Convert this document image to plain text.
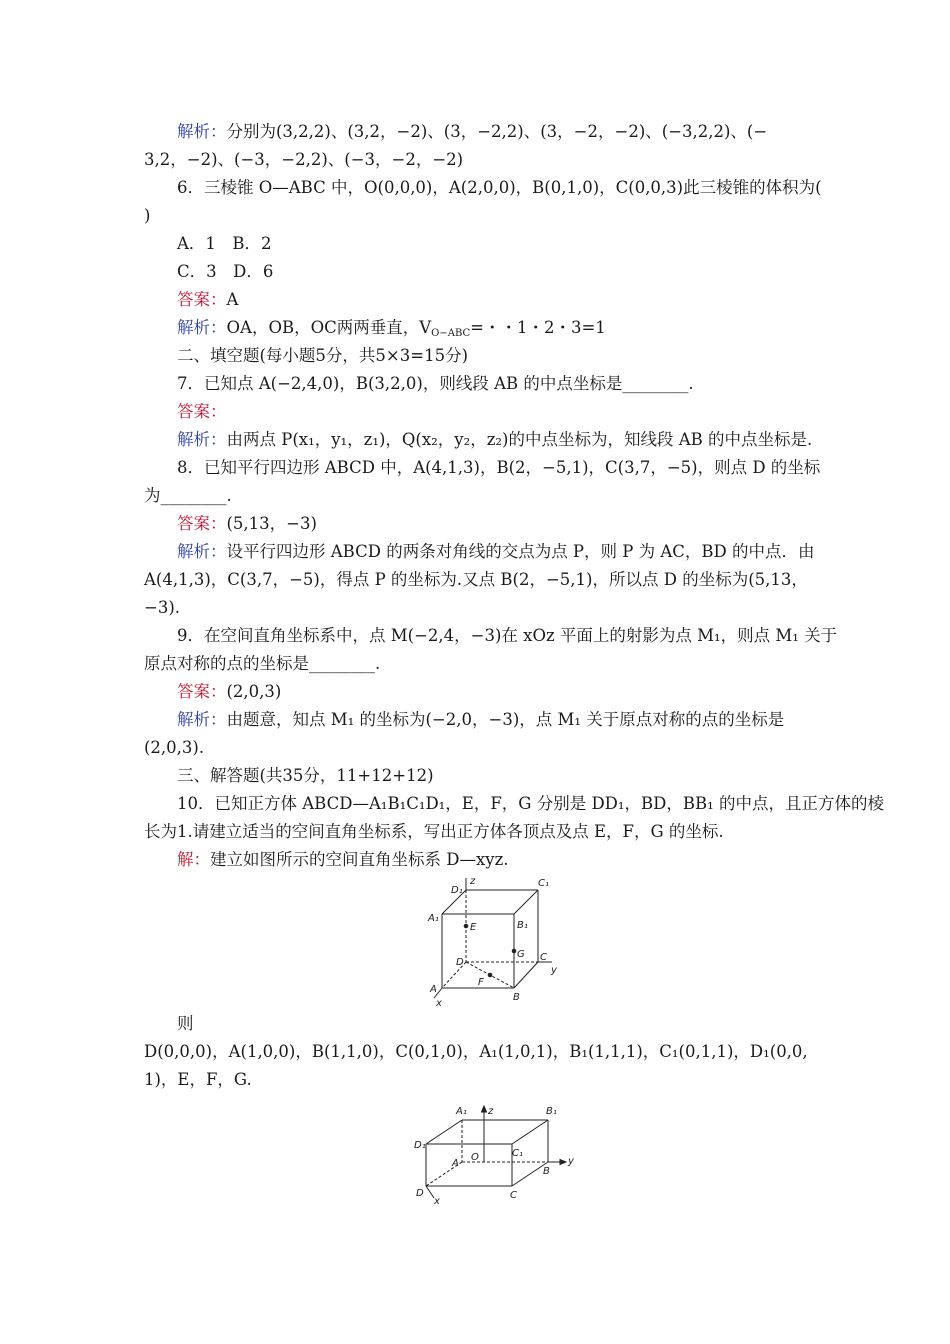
解析：分别为(3,2,2)、(3,2，−2)、(3，−2,2)、(3，−2，−2)、(−3,2,2)、(−
3,2，−2)、(−3，−2,2)、(−3，−2，−2)
6．三棱锥 O—ABC 中，O(0,0,0)，A(2,0,0)，B(0,1,0)，C(0,0,3)此三棱锥的体积为(
)
A．1　B．2
C．3　D．6
答案：A
解析：OA，OB，OC两两垂直，$V_{O-ABC}=$・・1・2・3=1
二、填空题(每小题5分，共5×3=15分)
7．已知点 A(−2,4,0)，B(3,2,0)，则线段 AB 的中点坐标是________.
答案：
解析：由两点 P(x₁，y₁，z₁)，Q(x₂，y₂，z₂)的中点坐标为，知线段 AB 的中点坐标是.
8．已知平行四边形 ABCD 中，A(4,1,3)，B(2，−5,1)，C(3,7，−5)，则点 D 的坐标
为________.
答案：(5,13，−3)
解析：设平行四边形 ABCD 的两条对角线的交点为点 P，则 P 为 AC，BD 的中点．由
A(4,1,3)，C(3,7，−5)，得点 P 的坐标为.又点 B(2，−5,1)，所以点 D 的坐标为(5,13，
−3).
9．在空间直角坐标系中，点 M(−2,4，−3)在 xOz 平面上的射影为点 M₁，则点 M₁ 关于
原点对称的点的坐标是________.
答案：(2,0,3)
解析：由题意，知点 M₁ 的坐标为(−2,0，−3)，点 M₁ 关于原点对称的点的坐标是
(2,0,3).
三、解答题(共35分，11+12+12)
10．已知正方体 ABCD—A₁B₁C₁D₁，E，F，G 分别是 DD₁，BD，BB₁ 的中点，且正方体的棱
长为1.请建立适当的空间直角坐标系，写出正方体各顶点及点 E，F，G 的坐标.
解：建立如图所示的空间直角坐标系 D—xyz.
D₁
z	C₁
A₁
B₁
E
G
D	C
y
F
A
B
x
则
D(0,0,0)，A(1,0,0)，B(1,1,0)，C(0,1,0)，A₁(1,0,1)，B₁(1,1,1)，C₁(0,1,1)，D₁(0,0,
1)，E，F，G.
A₁ z	B₁
D₁
C₁
A
O
B
y
D	C
x
